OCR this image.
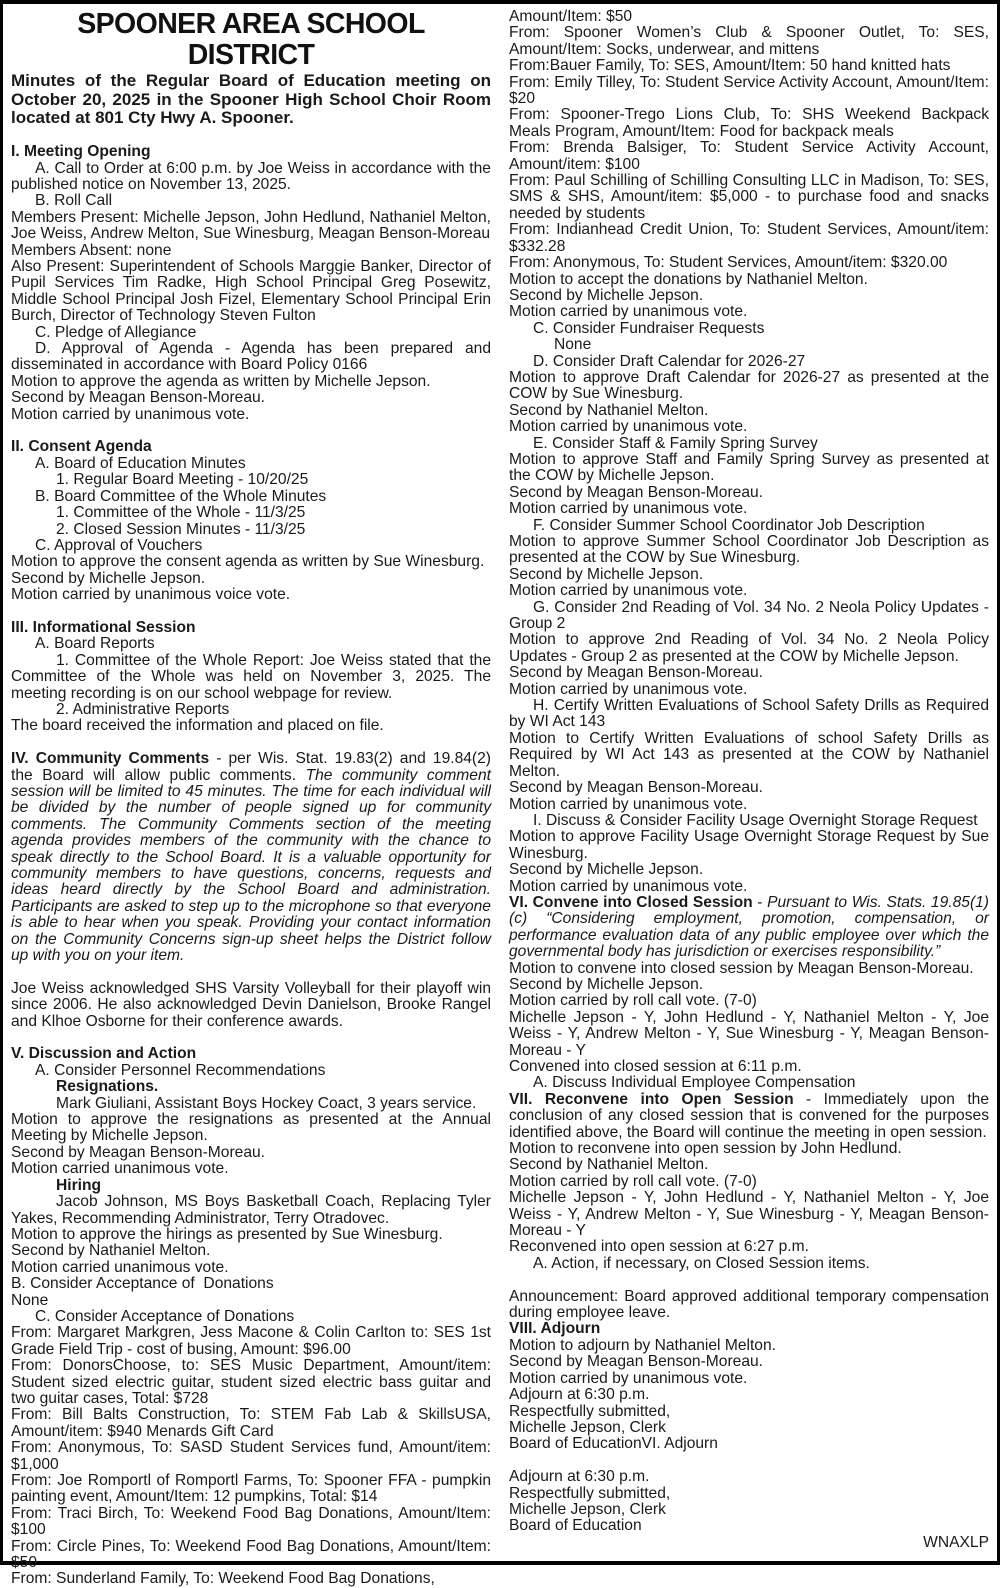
SPOONER AREA SCHOOL DISTRICT

Minutes of the Regular Board of Education meeting on October 20, 2025 in the Spooner High School Choir Room located at 801 Cty Hwy A. Spooner.

I. Meeting Opening

A. Call to Order at 6:00 p.m. by Joe Weiss in accordance with the published notice on November 13, 2025.

B. Roll Call

Members Present: Michelle Jepson, John Hedlund, Nathaniel Melton, Joe Weiss, Andrew Melton, Sue Winesburg, Meagan Benson-Moreau

Members Absent: none

Also Present: Superintendent of Schools Marggie Banker, Director of Pupil Services Tim Radke, High School Principal Greg Posewitz, Middle School Principal Josh Fizel, Elementary School Principal Erin Burch, Director of Technology Steven Fulton

C. Pledge of Allegiance

D. Approval of Agenda - Agenda has been prepared and disseminated in accordance with Board Policy 0166

Motion to approve the agenda as written by Michelle Jepson.

Second by Meagan Benson-Moreau.

Motion carried by unanimous vote.

II. Consent Agenda

A. Board of Education Minutes

1. Regular Board Meeting - 10/20/25

B. Board Committee of the Whole Minutes

1. Committee of the Whole - 11/3/25

2. Closed Session Minutes - 11/3/25

C. Approval of Vouchers

Motion to approve the consent agenda as written by Sue Winesburg.

Second by Michelle Jepson.

Motion carried by unanimous voice vote.

III. Informational Session

A. Board Reports

1. Committee of the Whole Report: Joe Weiss stated that the Committee of the Whole was held on November 3, 2025. The meeting recording is on our school webpage for review.

2. Administrative Reports

The board received the information and placed on file.

IV. Community Comments - per Wis. Stat. 19.83(2) and 19.84(2) the Board will allow public comments. The community comment session will be limited to 45 minutes. The time for each individual will be divided by the number of people signed up for community comments. The Community Comments section of the meeting agenda provides members of the community with the chance to speak directly to the School Board. It is a valuable opportunity for community members to have questions, concerns, requests and ideas heard directly by the School Board and administration. Participants are asked to step up to the microphone so that everyone is able to hear when you speak. Providing your contact information on the Community Concerns sign-up sheet helps the District follow up with you on your item.

Joe Weiss acknowledged SHS Varsity Volleyball for their playoff win since 2006. He also acknowledged Devin Danielson, Brooke Rangel and Klhoe Osborne for their conference awards.

V. Discussion and Action

A. Consider Personnel Recommendations

Resignations.

Mark Giuliani, Assistant Boys Hockey Coact, 3 years service.

Motion to approve the resignations as presented at the Annual Meeting by Michelle Jepson.

Second by Meagan Benson-Moreau.

Motion carried unanimous vote.

Hiring

Jacob Johnson, MS Boys Basketball Coach, Replacing Tyler Yakes, Recommending Administrator, Terry Otradovec.

Motion to approve the hirings as presented by Sue Winesburg.

Second by Nathaniel Melton.

Motion carried unanimous vote.

B. Consider Acceptance of  Donations

None

C. Consider Acceptance of Donations

From: Margaret Markgren, Jess Macone & Colin Carlton to: SES 1st Grade Field Trip - cost of busing, Amount: $96.00

From: DonorsChoose, to: SES Music Department, Amount/item: Student sized electric guitar, student sized electric bass guitar and two guitar cases, Total: $728

From: Bill Balts Construction, To: STEM Fab Lab & SkillsUSA, Amount/item: $940 Menards Gift Card

From: Anonymous, To: SASD Student Services fund, Amount/item: $1,000

From: Joe Romportl of Romportl Farms, To: Spooner FFA - pumpkin painting event, Amount/Item: 12 pumpkins, Total: $14

From: Traci Birch, To: Weekend Food Bag Donations, Amount/Item: $100

From: Circle Pines, To: Weekend Food Bag Donations, Amount/Item: $50

From: Sunderland Family, To: Weekend Food Bag Donations,

Amount/Item: $50

From: Spooner Women’s Club & Spooner Outlet, To: SES, Amount/Item: Socks, underwear, and mittens

From:Bauer Family, To: SES, Amount/Item: 50 hand knitted hats

From: Emily Tilley, To: Student Service Activity Account, Amount/Item: $20

From: Spooner-Trego Lions Club, To: SHS Weekend Backpack Meals Program, Amount/Item: Food for backpack meals

From: Brenda Balsiger, To: Student Service Activity Account, Amount/item: $100

From: Paul Schilling of Schilling Consulting LLC in Madison, To: SES, SMS & SHS, Amount/item: $5,000 - to purchase food and snacks needed by students

From: Indianhead Credit Union, To: Student Services, Amount/item: $332.28

From: Anonymous, To: Student Services, Amount/item: $320.00

Motion to accept the donations by Nathaniel Melton.

Second by Michelle Jepson.

Motion carried by unanimous vote.

C. Consider Fundraiser Requests

None

D. Consider Draft Calendar for 2026-27

Motion to approve Draft Calendar for 2026-27 as presented at the COW by Sue Winesburg.

Second by Nathaniel Melton.

Motion carried by unanimous vote.

E. Consider Staff & Family Spring Survey

Motion to approve Staff and Family Spring Survey as presented at the COW by Michelle Jepson.

Second by Meagan Benson-Moreau.

Motion carried by unanimous vote.

F. Consider Summer School Coordinator Job Description

Motion to approve Summer School Coordinator Job Description as presented at the COW by Sue Winesburg.

Second by Michelle Jepson.

Motion carried by unanimous vote.

G. Consider 2nd Reading of Vol. 34 No. 2 Neola Policy Updates - Group 2

Motion to approve 2nd Reading of Vol. 34 No. 2 Neola Policy Updates - Group 2 as presented at the COW by Michelle Jepson.

Second by Meagan Benson-Moreau.

Motion carried by unanimous vote.

H. Certify Written Evaluations of School Safety Drills as Required by WI Act 143

Motion to Certify Written Evaluations of school Safety Drills as Required by WI Act 143 as presented at the COW by Nathaniel Melton.

Second by Meagan Benson-Moreau.

Motion carried by unanimous vote.

I. Discuss & Consider Facility Usage Overnight Storage Request

Motion to approve Facility Usage Overnight Storage Request by Sue Winesburg.

Second by Michelle Jepson.

Motion carried by unanimous vote.

VI. Convene into Closed Session - Pursuant to Wis. Stats. 19.85(1)(c) “Considering employment, promotion, compensation, or performance evaluation data of any public employee over which the governmental body has jurisdiction or exercises responsibility.”

Motion to convene into closed session by Meagan Benson-Moreau.

Second by Michelle Jepson.

Motion carried by roll call vote. (7-0)

Michelle Jepson - Y, John Hedlund - Y, Nathaniel Melton - Y, Joe Weiss - Y, Andrew Melton - Y, Sue Winesburg - Y, Meagan Benson-Moreau - Y

Convened into closed session at 6:11 p.m.

A. Discuss Individual Employee Compensation

VII. Reconvene into Open Session - Immediately upon the conclusion of any closed session that is convened for the purposes identified above, the Board will continue the meeting in open session.

Motion to reconvene into open session by John Hedlund.

Second by Nathaniel Melton.

Motion carried by roll call vote. (7-0)

Michelle Jepson - Y, John Hedlund - Y, Nathaniel Melton - Y, Joe Weiss - Y, Andrew Melton - Y, Sue Winesburg - Y, Meagan Benson-Moreau - Y

Reconvened into open session at 6:27 p.m.

A. Action, if necessary, on Closed Session items.

Announcement: Board approved additional temporary compensation during employee leave.

VIII. Adjourn

Motion to adjourn by Nathaniel Melton.

Second by Meagan Benson-Moreau.

Motion carried by unanimous vote.

Adjourn at 6:30 p.m.

Respectfully submitted,

Michelle Jepson, Clerk

Board of EducationVI. Adjourn

Adjourn at 6:30 p.m.

Respectfully submitted,

Michelle Jepson, Clerk

Board of Education

WNAXLP
